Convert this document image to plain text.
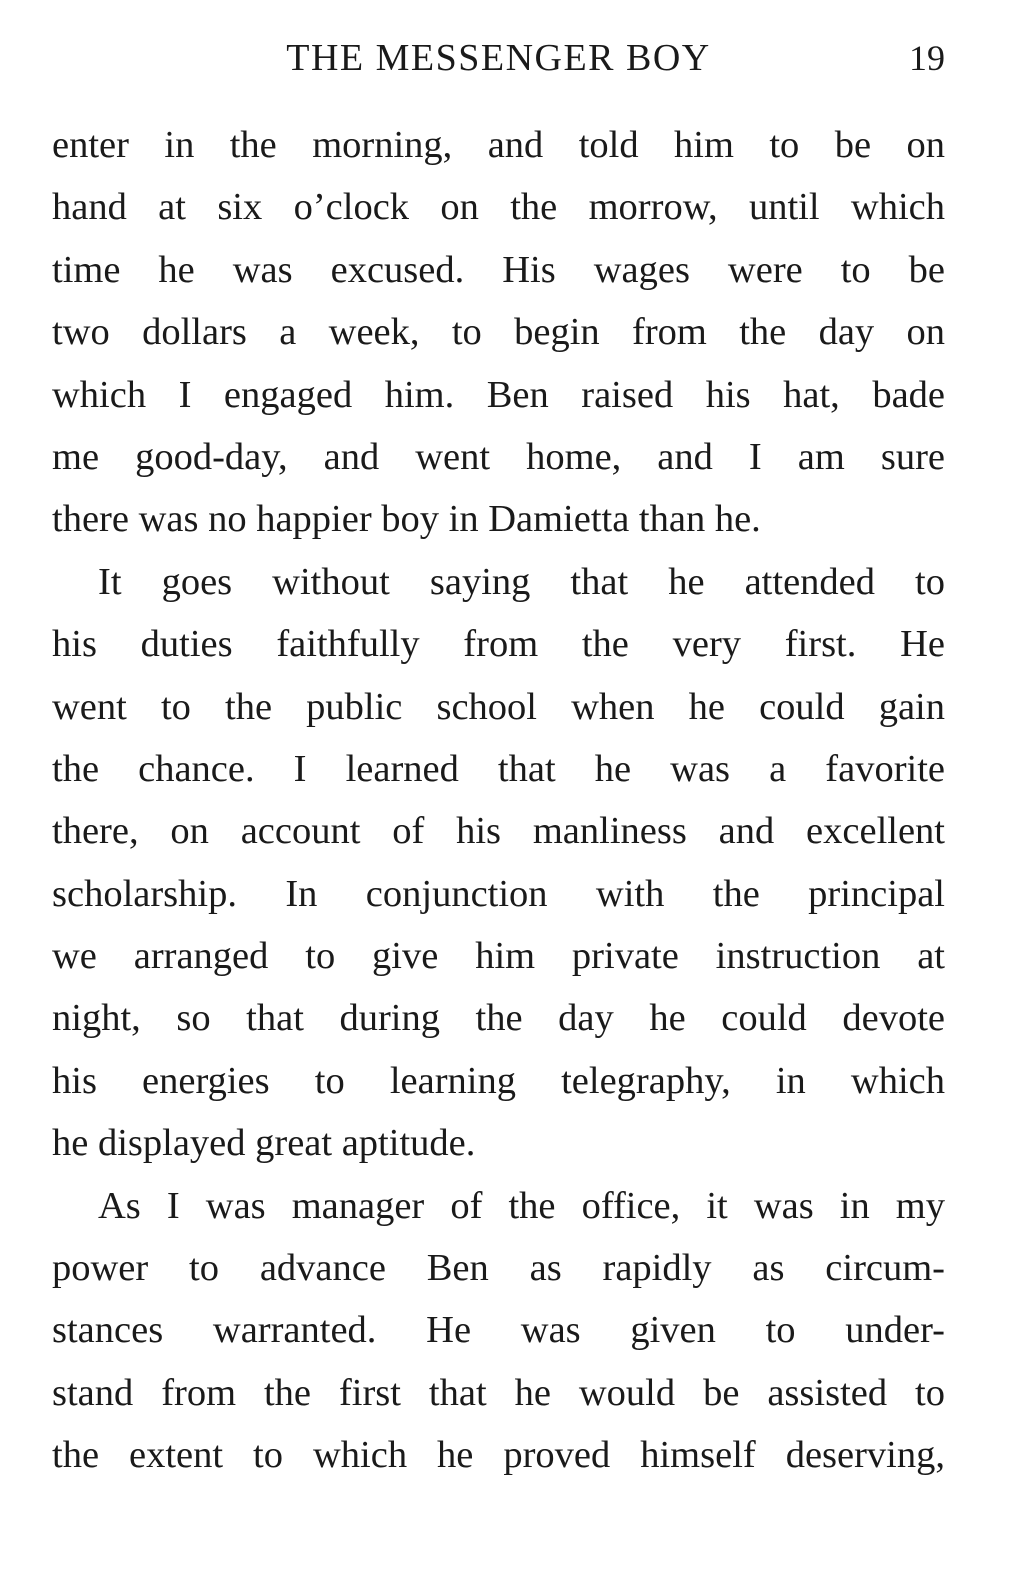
THE MESSENGER BOY	19
enter in the morning, and told him to be on
hand at six o’clock on the morrow, until which
time he was excused. His wages were to be
two dollars a week, to begin from the day on
which I engaged him. Ben raised his hat, bade
me good-day, and went home, and I am sure
there was no happier boy in Damietta than he.
It goes without saying that he attended to
his duties faithfully from the very first. He
went to the public school when he could gain
the chance. I learned that he was a favorite
there, on account of his manliness and excellent
scholarship. In conjunction with the principal
we arranged to give him private instruction at
night, so that during the day he could devote
his energies to learning telegraphy, in which
he displayed great aptitude.
As I was manager of the office, it was in my
power to advance Ben as rapidly as circum-
stances warranted. He was given to under-
stand from the first that he would be assisted to
the extent to which he proved himself deserving,
